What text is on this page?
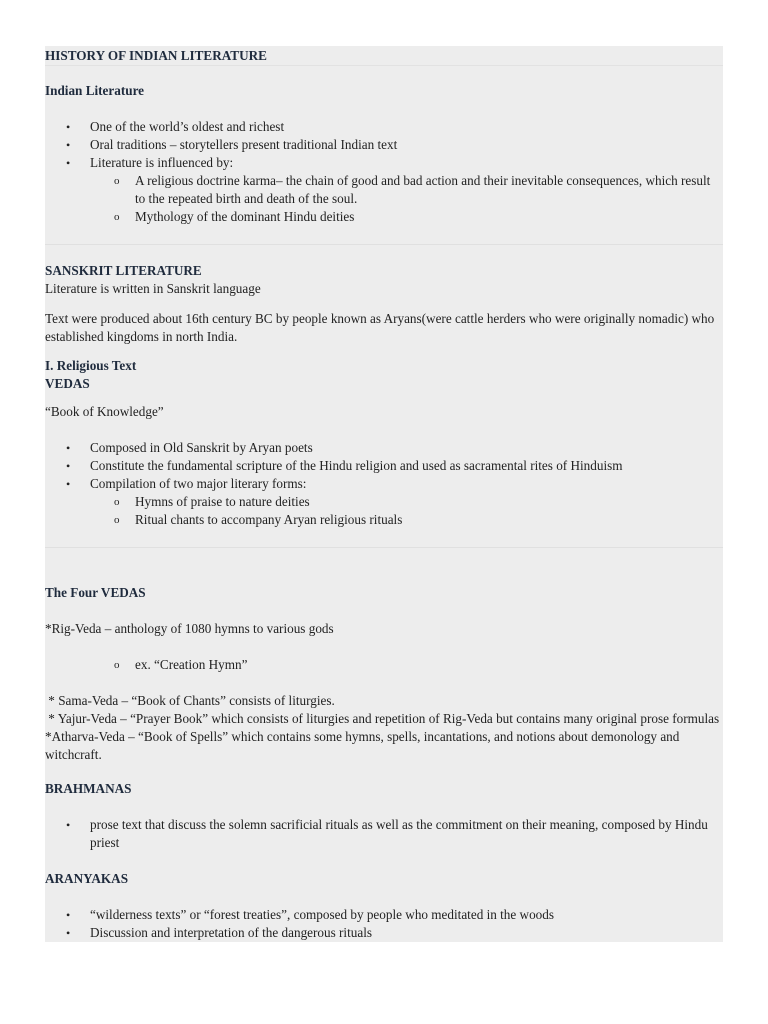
HISTORY OF INDIAN LITERATURE
Indian Literature
• One of the world’s oldest and richest
• Oral traditions – storytellers present traditional Indian text
• Literature is influenced by:
o A religious doctrine karma– the chain of good and bad action and their inevitable consequences, which result to the repeated birth and death of the soul.
o Mythology of the dominant Hindu deities
SANSKRIT LITERATURE
Literature is written in Sanskrit language
Text were produced about 16th century BC by people known as Aryans(were cattle herders who were originally nomadic) who established kingdoms in north India.
I. Religious Text
VEDAS
“Book of Knowledge”
• Composed in Old Sanskrit by Aryan poets
• Constitute the fundamental scripture of the Hindu religion and used as sacramental rites of Hinduism
• Compilation of two major literary forms:
o Hymns of praise to nature deities
o Ritual chants to accompany Aryan religious rituals
The Four VEDAS
*Rig-Veda – anthology of 1080 hymns to various gods
o ex. “Creation Hymn”
* Sama-Veda – “Book of Chants” consists of liturgies.
* Yajur-Veda – “Prayer Book” which consists of liturgies and repetition of Rig-Veda but contains many original prose formulas
*Atharva-Veda – “Book of Spells” which contains some hymns, spells, incantations, and notions about demonology and witchcraft.
BRAHMANAS
• prose text that discuss the solemn sacrificial rituals as well as the commitment on their meaning, composed by Hindu priest
ARANYAKAS
• “wilderness texts” or “forest treaties”, composed by people who meditated in the woods
• Discussion and interpretation of the dangerous rituals
